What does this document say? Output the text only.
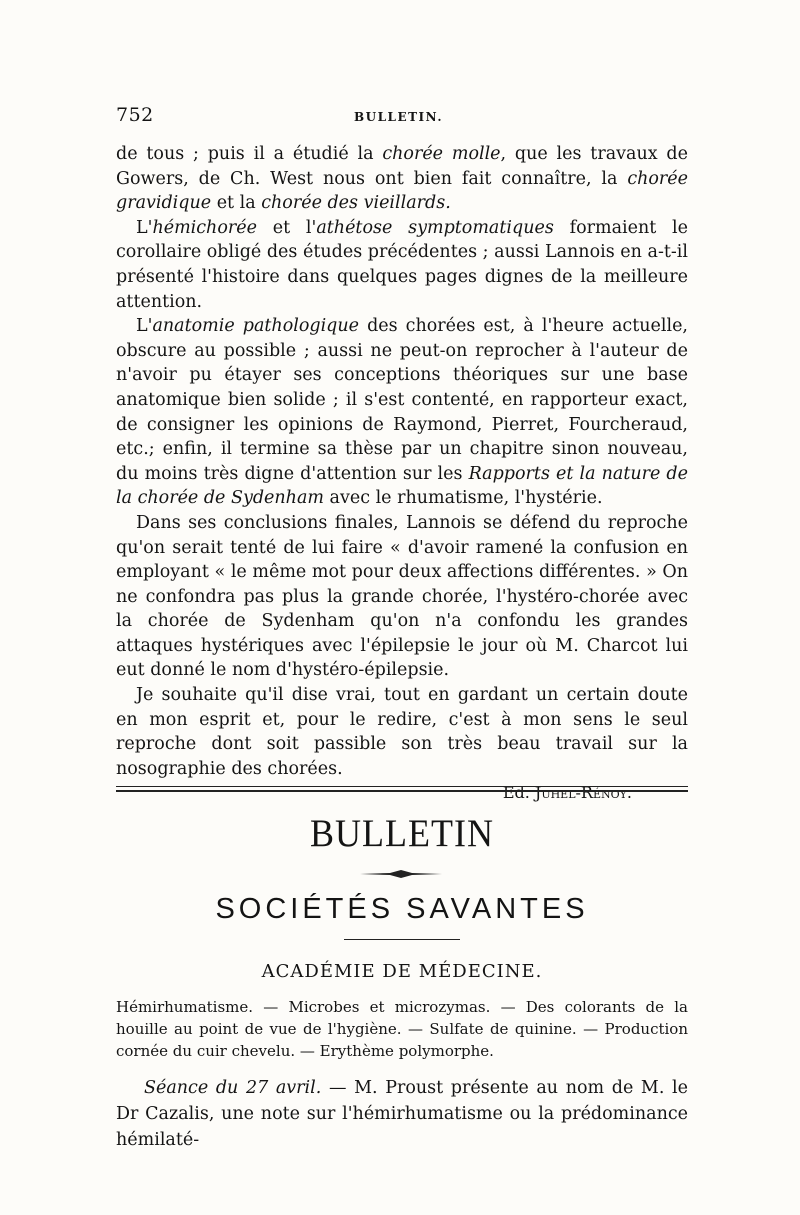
752	BULLETIN.

de tous ; puis il a étudié la chorée molle, que les travaux de Gowers, de Ch. West nous ont bien fait connaître, la chorée gravidique et la chorée des vieillards.

L'hémichorée et l'athétose symptomatiques formaient le corollaire obligé des études précédentes ; aussi Lannois en a-t-il présenté l'histoire dans quelques pages dignes de la meilleure attention.

L'anatomie pathologique des chorées est, à l'heure actuelle, obscure au possible ; aussi ne peut-on reprocher à l'auteur de n'avoir pu étayer ses conceptions théoriques sur une base anatomique bien solide ; il s'est contenté, en rapporteur exact, de consigner les opinions de Raymond, Pierret, Fourcheraud, etc.; enfin, il termine sa thèse par un chapitre sinon nouveau, du moins très digne d'attention sur les Rapports et la nature de la chorée de Sydenham avec le rhumatisme, l'hystérie.

Dans ses conclusions finales, Lannois se défend du reproche qu'on serait tenté de lui faire « d'avoir ramené la confusion en employant « le même mot pour deux affections différentes. » On ne confondra pas plus la grande chorée, l'hystéro-chorée avec la chorée de Sydenham qu'on n'a confondu les grandes attaques hystériques avec l'épilepsie le jour où M. Charcot lui eut donné le nom d'hystéro-épilepsie.

Je souhaite qu'il dise vrai, tout en gardant un certain doute en mon esprit et, pour le redire, c'est à mon sens le seul reproche dont soit passible son très beau travail sur la nosographie des chorées.

Ed. Juhel-Rénoy.
BULLETIN
SOCIÉTÉS SAVANTES
ACADÉMIE DE MÉDECINE.
Hémirhumatisme. — Microbes et microzymas. — Des colorants de la houille au point de vue de l'hygiène. — Sulfate de quinine. — Production cornée du cuir chevelu. — Erythème polymorphe.

Séance du 27 avril. — M. Proust présente au nom de M. le Dr Cazalis, une note sur l'hémirhumatisme ou la prédominance hémilaté-
